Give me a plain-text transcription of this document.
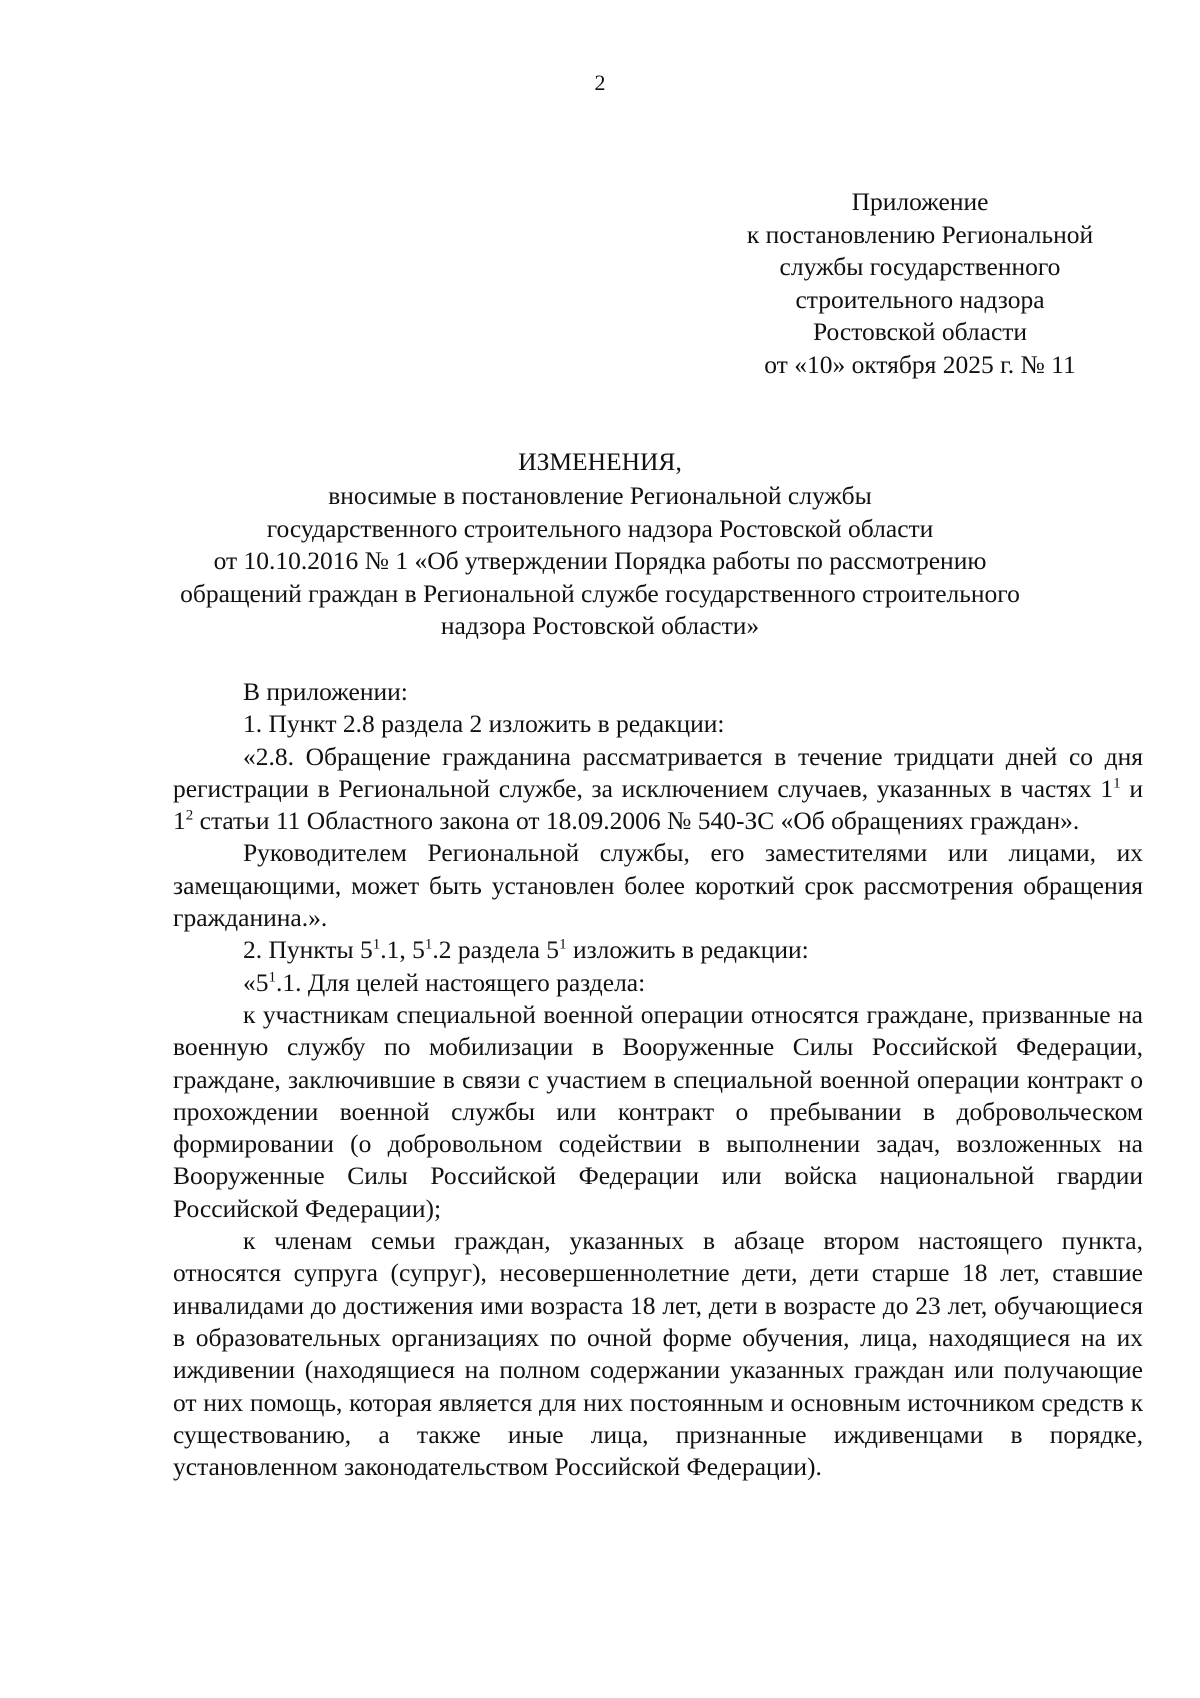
2
Приложение
к постановлению Региональной
службы государственного
строительного надзора
Ростовской области
от «10» октября 2025 г. № 11
ИЗМЕНЕНИЯ,
вносимые в постановление Региональной службы
государственного строительного надзора Ростовской области
от 10.10.2016 № 1 «Об утверждении Порядка работы по рассмотрению
обращений граждан в Региональной службе государственного строительного
надзора Ростовской области»

В приложении:

1. Пункт 2.8 раздела 2 изложить в редакции:

«2.8. Обращение гражданина рассматривается в течение тридцати дней со дня регистрации в Региональной службе, за исключением случаев, указанных в частях $1^1$ и $1^2$ статьи 11 Областного закона от 18.09.2006 № 540-ЗС «Об обращениях граждан».

Руководителем Региональной службы, его заместителями или лицами, их замещающими, может быть установлен более короткий срок рассмотрения обращения гражданина.».

2. Пункты $5^1.1$, $5^1.2$ раздела $5^1$ изложить в редакции:

«$5^1.1$. Для целей настоящего раздела:

к участникам специальной военной операции относятся граждане, призванные на военную службу по мобилизации в Вооруженные Силы Российской Федерации, граждане, заключившие в связи с участием в специальной военной операции контракт о прохождении военной службы или контракт о пребывании в добровольческом формировании (о добровольном содействии в выполнении задач, возложенных на Вооруженные Силы Российской Федерации или войска национальной гвардии Российской Федерации);

к членам семьи граждан, указанных в абзаце втором настоящего пункта, относятся супруга (супруг), несовершеннолетние дети, дети старше 18 лет, ставшие инвалидами до достижения ими возраста 18 лет, дети в возрасте до 23 лет, обучающиеся в образовательных организациях по очной форме обучения, лица, находящиеся на их иждивении (находящиеся на полном содержании указанных граждан или получающие от них помощь, которая является для них постоянным и основным источником средств к существованию, а также иные лица, признанные иждивенцами в порядке, установленном законодательством Российской Федерации).
